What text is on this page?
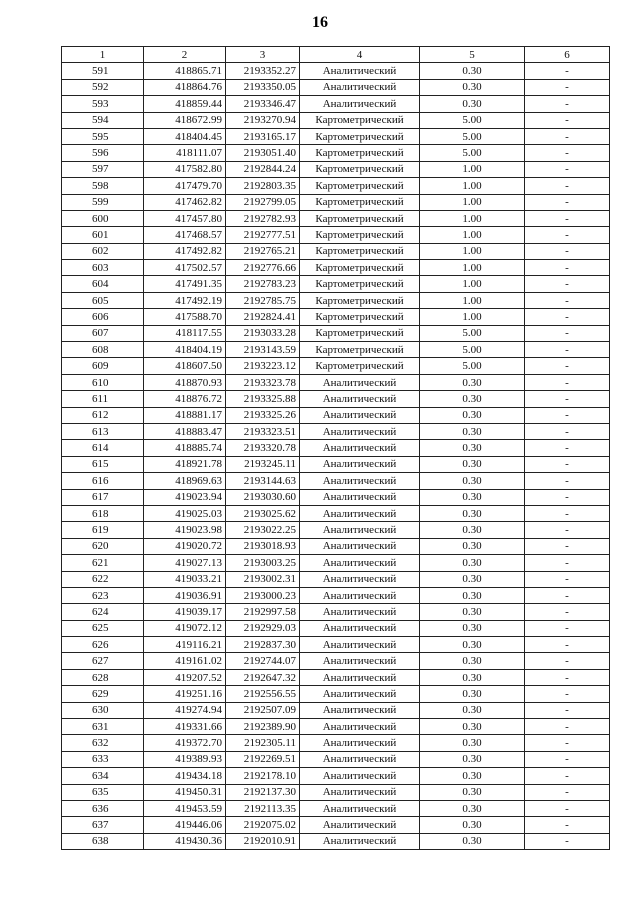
16
1	2	3	4	5	6
591	418865.71	2193352.27	Аналитический	0.30	-
592	418864.76	2193350.05	Аналитический	0.30	-
593	418859.44	2193346.47	Аналитический	0.30	-
594	418672.99	2193270.94	Картометрический	5.00	-
595	418404.45	2193165.17	Картометрический	5.00	-
596	418111.07	2193051.40	Картометрический	5.00	-
597	417582.80	2192844.24	Картометрический	1.00	-
598	417479.70	2192803.35	Картометрический	1.00	-
599	417462.82	2192799.05	Картометрический	1.00	-
600	417457.80	2192782.93	Картометрический	1.00	-
601	417468.57	2192777.51	Картометрический	1.00	-
602	417492.82	2192765.21	Картометрический	1.00	-
603	417502.57	2192776.66	Картометрический	1.00	-
604	417491.35	2192783.23	Картометрический	1.00	-
605	417492.19	2192785.75	Картометрический	1.00	-
606	417588.70	2192824.41	Картометрический	1.00	-
607	418117.55	2193033.28	Картометрический	5.00	-
608	418404.19	2193143.59	Картометрический	5.00	-
609	418607.50	2193223.12	Картометрический	5.00	-
610	418870.93	2193323.78	Аналитический	0.30	-
611	418876.72	2193325.88	Аналитический	0.30	-
612	418881.17	2193325.26	Аналитический	0.30	-
613	418883.47	2193323.51	Аналитический	0.30	-
614	418885.74	2193320.78	Аналитический	0.30	-
615	418921.78	2193245.11	Аналитический	0.30	-
616	418969.63	2193144.63	Аналитический	0.30	-
617	419023.94	2193030.60	Аналитический	0.30	-
618	419025.03	2193025.62	Аналитический	0.30	-
619	419023.98	2193022.25	Аналитический	0.30	-
620	419020.72	2193018.93	Аналитический	0.30	-
621	419027.13	2193003.25	Аналитический	0.30	-
622	419033.21	2193002.31	Аналитический	0.30	-
623	419036.91	2193000.23	Аналитический	0.30	-
624	419039.17	2192997.58	Аналитический	0.30	-
625	419072.12	2192929.03	Аналитический	0.30	-
626	419116.21	2192837.30	Аналитический	0.30	-
627	419161.02	2192744.07	Аналитический	0.30	-
628	419207.52	2192647.32	Аналитический	0.30	-
629	419251.16	2192556.55	Аналитический	0.30	-
630	419274.94	2192507.09	Аналитический	0.30	-
631	419331.66	2192389.90	Аналитический	0.30	-
632	419372.70	2192305.11	Аналитический	0.30	-
633	419389.93	2192269.51	Аналитический	0.30	-
634	419434.18	2192178.10	Аналитический	0.30	-
635	419450.31	2192137.30	Аналитический	0.30	-
636	419453.59	2192113.35	Аналитический	0.30	-
637	419446.06	2192075.02	Аналитический	0.30	-
638	419430.36	2192010.91	Аналитический	0.30	-
